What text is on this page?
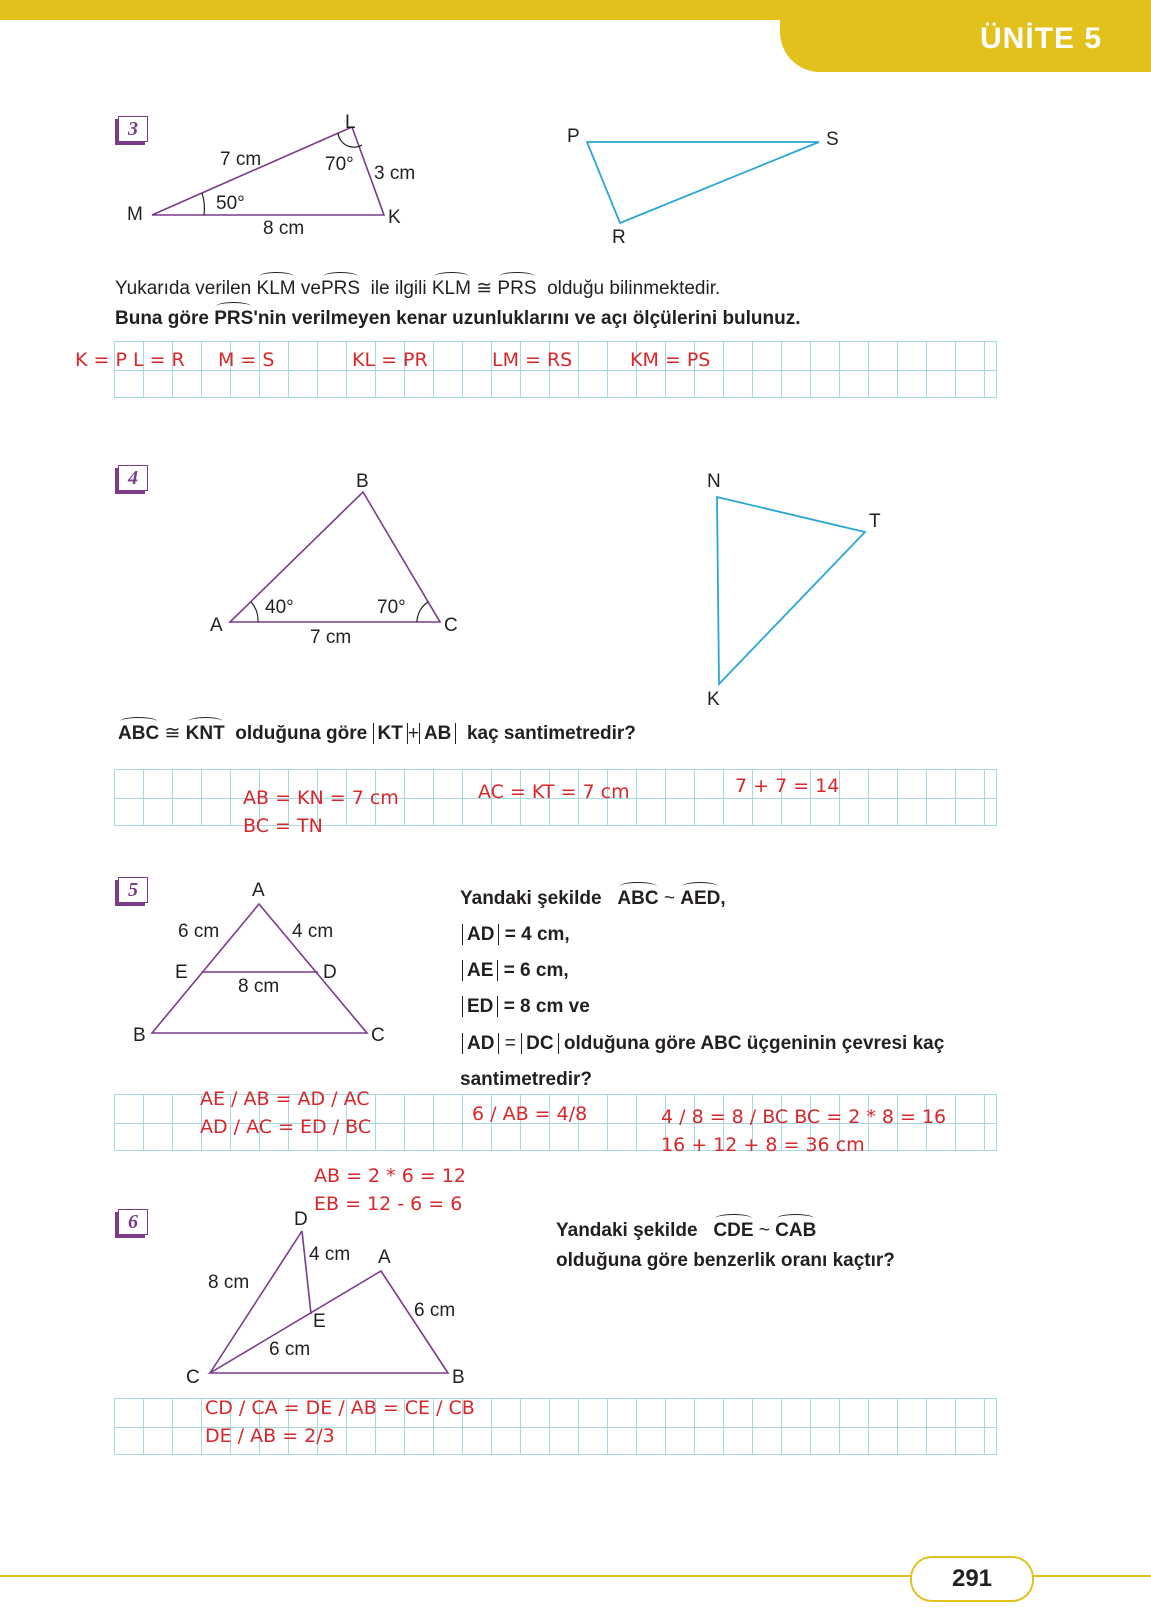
ÜNİTE 5
3	L
M	K
7 cm
3 cm
8 cm
70°
50°
P	S
R
Yukarıda verilen KLM vePRS ile ilgili KLM ≅ PRS olduğu bilinmektedir.
Buna göre PRS'nin verilmeyen kenar uzunluklarını ve açı ölçülerini bulunuz.
K = P L = R M = S	KL = PR	LM = RS	KM = PS
4	B
A	C
7 cm
40°	70°
N
T
K
ABC ≅ KNT olduğuna göre KT + AB kaç santimetredir?
AB = KN = 7 cm
BC = TN
AC = KT = 7 cm	7 + 7 = 14
5	A
B	C
D
E
6 cm	4 cm
8 cm
Yandaki şekilde ABC ~ AED,
AD = 4 cm,
AE = 6 cm,
ED = 8 cm ve
AD = DC olduğuna göre ABC üçgeninin çevresi kaç
santimetredir?
AE / AB = AD / AC
AD / AC = ED / BC
6 / AB = 4/8	4 / 8 = 8 / BC BC = 2 * 8 = 16
16 + 12 + 8 = 36 cm
AB = 2 * 6 = 12
EB = 12 - 6 = 6
6	D
A
E
C	B
8 cm
4 cm
6 cm
6 cm
Yandaki şekilde CDE ~ CAB
olduğuna göre benzerlik oranı kaçtır?
CD / CA = DE / AB = CE / CB
DE / AB = 2/3
291
